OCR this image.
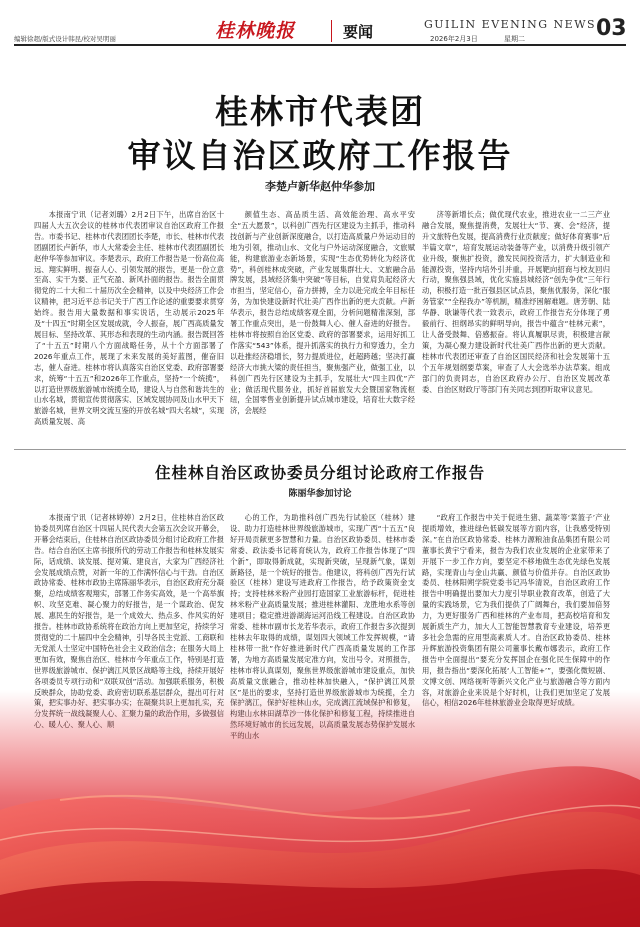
编辑徐超/版式设计韩昆/校对吴明丽	桂林晚报	要闻	GUILIN EVENING NEWS
2026年2月3日	星期二	03
桂林市代表团
审议自治区政府工作报告
李楚卢新华赵仲华参加

本报南宁讯（记者刘璐）2月2日下午，出席自治区十四届人大五次会议的桂林市代表团审议自治区政府工作报告。市委书记、桂林市代表团团长李楚，市长、桂林市代表团副团长卢新华，市人大常委会主任、桂林市代表团副团长赵仲华等参加审议。李楚表示，政府工作报告是一份高位高远、翔实鲜明、振奋人心、引领发展的报告，更是一份立意至高、实干为要、正气充盈、新风扑面的报告。报告全面贯彻党的二十大和二十届历次全会精神，以及中央经济工作会议精神，把习近平总书记关于广西工作论述的重要要求贯穿始终。报告用大量数据和事实说话，生动展示2025年及“十四五”时期全区发展成就，令人振奋，展广西高质量发展目标、坚持改革、其形态和表现的生动内涵。报告既回答了“十五五”时期八个方面战略任务，从十个方面部署了2026年重点工作，展现了未来发展的美好蓝图，催奋旧志，催人奋进。桂林市将认真落实自治区党委、政府部署要求，统筹“十五五”和2026年工作重点，坚持“一个统揽”，以打造世界级旅游城市统揽全局，建设人与自然和谐共生的山水名城，贯彻宣传贯彻落实、区域发展协同及山水甲天下旅游名城，世界文明交流互鉴的开放名城“四大名城”，实现高质量发展、高

颜值生态、高品质生活、高效能治理、高水平安全“五大愿景”，以科创广西先行区建设为主抓手，推动科技创新与产业创新深度融合，以打造高质量户外运动目的地为引领，推动山水、文化与户外运动深度融合，文旅赋能，构建旅游业态新场景，实现“生态优势转化为经济优势”，科创桂林成突破，产业发展集群壮大、文旅融合品牌发展，县域经济集中突破“等目标，自觉肩负起经济大市担当，坚定信心，奋力拼搏，全力以赴完成全年目标任务，为加快建设新时代壮美广西作出新的更大贡献。卢新华表示，报告总结成绩客观全面，分析问题精准深刻，部署工作重点突出，是一份鼓舞人心、催人奋进的好报告。桂林市将按照自治区党委、政府的部署要求，运用好抓工作落实“543”体系，提升抓落实的执行力和穿透力，全力以赴推经济稳增长，努力提质进位，赶超跨越；坚决打赢经济大市挑大梁的责任担当，聚焦强产业，做强工业，以科创广西先行区建设为主抓手，发展壮大“四主四优”产业；做活现代服务业，抓好首届旅发大会暨国家物流枢纽，全国零售业创新提升试点城市建设，培育壮大数字经济，会展经

济等新增长点；做优现代农业，推进农业一二三产业融合发展，聚焦提消费，发展壮大“节、赛、会”经济，提升文旅特色发展，提高消费行业贡献度；做好体育赛事“后半篇文章”，培育发展运动装备等产业，以消费升级引领产业升级，聚焦扩投资，激发民间投资活力，扩大制造业和能源投资，坚持内培外引并重，开展靶向招商与校友回归行动，聚焦强县域，优化实施县城经济“创先争优”三年行动，积极打造一批百强县区试点县，聚焦优服务，深化“服务管家”“全程我办”等机制，精准纾困解难题。唐芳朝、陆华静、耿谦等代表一致表示，政府工作报告充分体现了勇毅前行、担纲昂实的鲜明导向，报告中蕴含“桂林元素”，让人备受鼓舞、倍感振奋。将认真履职尽责，积极建言献策，为凝心聚力建设新时代壮美广西作出新的更大贡献。桂林市代表团还审查了自治区国民经济和社会发展第十五个五年规划纲要草案，审查了人大会选举办法草案。组成部门的负责同志，自治区政府办公厅、自治区发展改革委、自治区财政厅等部门有关同志到团听取审议意见。

住桂林自治区政协委员分组讨论政府工作报告
陈丽华参加讨论

本报南宁讯（记者林婷婷）2月2日，住桂林自治区政协委员列席自治区十四届人民代表大会第五次会议开幕会，开幕会结束后，住桂林自治区政协委员分组讨论政府工作报告。结合自治区主席书报所代的劳动工作报告和桂林发展实际，话成绩、谈发展、提对策、建良言，大家为广西经济社会发展成绩点赞，对新一年的工作满怀信心与干劲。自治区政协常委、桂林市政协主席陈丽华表示，自治区政府充分凝聚，总结成绩客观翔实，部署工作务实高效，是一个高举旗帜、攻坚克难、凝心聚力的好报告，是一个谋政治、促发展、惠民生的好报告，是一个成效大、热点多、作风实的好报告。桂林市政协系统将在政治方向上更加坚定，持续学习贯彻党的二十届四中全会精神，引导各民主党派、工商联和无党派人士坚定中国特色社会主义政治信念；在服务大局上更加有效，聚焦自治区、桂林市今年重点工作，特别是打造世界级旅游城市、保护漓江风景区战略等主线，持续开展好各项委员专项行动和“双联双创”活动。加强联系服务，积极

心的工作，为助推科创广西先行试验区（桂林）建设、助力打造桂林世界级旅游城市，实现广西“十五五”良好开局贡献更多智慧和力量。自治区政协委员、桂林市委常委、政法委书记蒋育统认为，政府工作报告体现了“四个新”，即取得新成就，实现新突破，呈现新气象，谋划新路径，是一个统好的报告。他建议，将科创广西先行试验区（桂林）建设写进政府工作报告，给予政策资金支持；支持桂林米粉产业园打造国家工业旅游标杆，促进桂林米粉产业高质量发展；推进桂林灌阳、龙胜地水系等创建项目；稳定推进游湖海运河沿线工程建设。自治区政协常委、桂林市副市长龙若华表示，政府工作报告多次提到桂林去年取得的成绩，谋划四大领域工作发挥规模，“请桂林带一批”作好推进新时代广西高质量发展的工作部署，为地方高质量发展定准方向，发出号令。对照报告，桂林市将认真谋划，聚焦世界级旅游城市建设重点，加快高质量文旅融合，推动桂林加快融入，“保护漓江风景

“政府工作报告中关于促进生猪、蔬菜等‘菜篮子’产业提质增效，推进绿色低碳发展等方面内容，让我感受特别深。”在自治区政协常委、桂林力源粮油食品集团有限公司董事长黄宇宁看来，报告为我们农业发展的企业家带来了开展下一步工作方向，要坚定不移地做生态优先绿色发展路，实现青山与金山共赢、颜值与价值并存。自治区政协委员、桂林阳朔学院党委书记冯华清说，自治区政府工作报告中明确提出要加大力度引导职业教育改革，创造了大量的实践场景，它为我们提供了广阔舞台，我们要加倍努力，为更好服务广西和桂林的产业布局，把高校培育和发展新质生产力，加大人工智能智慧教育专业建设，培养更多社会急需的应用型高素质人才。自治区政协委员、桂林升辉旅游投资集团有限公司董事长戴布娜表示，政府工作报告中全面提出“要充分发挥国企在强化民生保障中的作用，报告指出“要深化拓展‘人工智能+’”，要强化微短剧、文博文创、网络视听等新兴文化产业与旅游融合等方面内
